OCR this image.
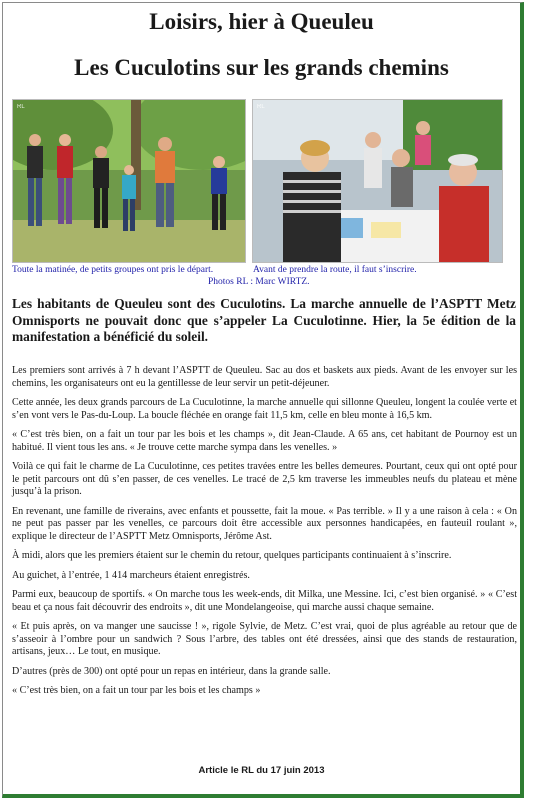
Loisirs, hier à Queuleu
Les Cuculotins sur les grands chemins
RL	RL
Toute la matinée, de petits groupes ont pris le départ.	Avant de prendre la route, il faut s’inscrire.
Photos RL : Marc WIRTZ.

Les habitants de Queuleu sont des Cuculotins. La marche annuelle de l’ASPTT Metz Omnisports ne pouvait donc que s’appeler La Cuculotinne. Hier, la 5e édition de la manifestation a bénéficié du soleil.

Les premiers sont arrivés à 7 h devant l’ASPTT de Queuleu. Sac au dos et baskets aux pieds. Avant de les envoyer sur les chemins, les organisateurs ont eu la gentillesse de leur servir un petit-déjeuner.

Cette année, les deux grands parcours de La Cuculotinne, la marche annuelle qui sillonne Queuleu, longent la coulée verte et s’en vont vers le Pas-du-Loup. La boucle fléchée en orange fait 11,5 km, celle en bleu monte à 16,5 km.

« C’est très bien, on a fait un tour par les bois et les champs », dit Jean-Claude. A 65 ans, cet habitant de Pournoy est un habitué. Il vient tous les ans. « Je trouve cette marche sympa dans les venelles. »

Voilà ce qui fait le charme de La Cuculotinne, ces petites travées entre les belles demeures. Pourtant, ceux qui ont opté pour le petit parcours ont dû s’en passer, de ces venelles. Le tracé de 2,5 km traverse les immeubles neufs du plateau et mène jusqu’à la prison.

En revenant, une famille de riverains, avec enfants et poussette, fait la moue. « Pas terrible. » Il y a une raison à cela : « On ne peut pas passer par les venelles, ce parcours doit être accessible aux personnes handicapées, en fauteuil roulant », explique le directeur de l’ASPTT Metz Omnisports, Jérôme Ast.

À midi, alors que les premiers étaient sur le chemin du retour, quelques participants continuaient à s’inscrire.

Au guichet, à l’entrée, 1 414 marcheurs étaient enregistrés.

Parmi eux, beaucoup de sportifs. « On marche tous les week-ends, dit Milka, une Messine. Ici, c’est bien organisé. » « C’est beau et ça nous fait découvrir des endroits », dit une Mondelangeoise, qui marche aussi chaque semaine.

« Et puis après, on va manger une saucisse ! », rigole Sylvie, de Metz. C’est vrai, quoi de plus agréable au retour que de s’asseoir à l’ombre pour un sandwich ? Sous l’arbre, des tables ont été dressées, ainsi que des stands de restauration, artisans, jeux… Le tout, en musique.

D’autres (près de 300) ont opté pour un repas en intérieur, dans la grande salle.

« C’est très bien, on a fait un tour par les bois et les champs »

Article le RL du 17 juin 2013
